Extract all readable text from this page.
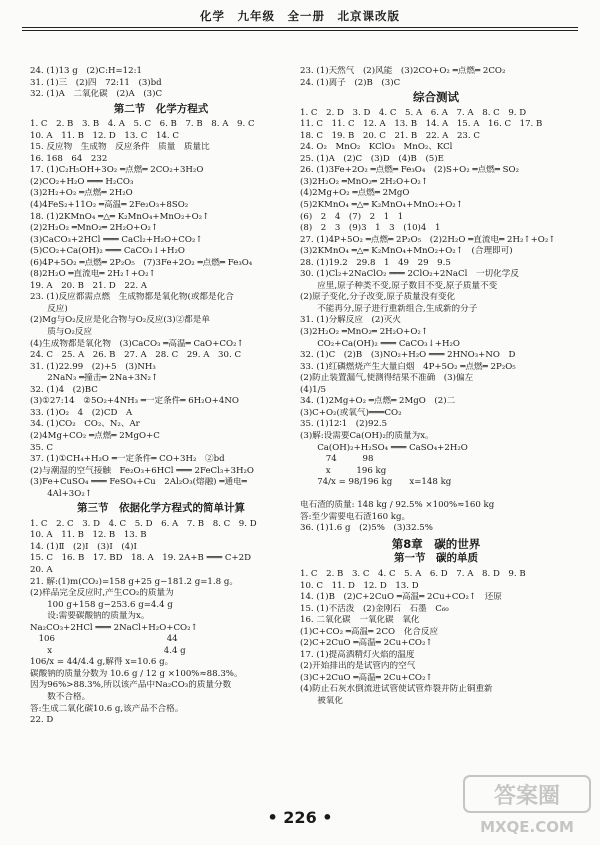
化学　九年级　全一册　北京课改版
24. (1)13 g　(2)C:H=12:1
31. (1)三　(2)四　72:11　(3)bd
32. (1)A　二氧化碳　(2)A　(3)C
第二节　化学方程式
1. C　2. B　3. B　4. A　5. C　6. B　7. B　8. A　9. C
10. A　11. B　12. D　13. C　14. C
15. 反应物　生成物　反应条件　质量　质量比
16. 168　64　232
17. (1)C₂H₅OH+3O₂ ═点燃═ 2CO₂+3H₂O
(2)CO₂+H₂O ═══ H₂CO₃
(3)2H₂+O₂ ═点燃═ 2H₂O
(4)4FeS₂+11O₂ ═高温═ 2Fe₂O₃+8SO₂
18. (1)2KMnO₄ ═△═ K₂MnO₄+MnO₂+O₂↑
(2)2H₂O₂ ═MnO₂═ 2H₂O+O₂↑
(3)CaCO₃+2HCl ═══ CaCl₂+H₂O+CO₂↑
(5)CO₂+Ca(OH)₂ ═══ CaCO₃↓+H₂O
(6)4P+5O₂ ═点燃═ 2P₂O₅　(7)3Fe+2O₂ ═点燃═ Fe₃O₄
(8)2H₂O ═直流电═ 2H₂↑+O₂↑
19. A　20. B　21. D　22. A
23. (1)反应都需点燃　生成物都是氧化物(或都是化合
　　反应)
(2)Mg与O₂反应是化合物与O₂反应(3)②都是单
　　质与O₂反应
(4)生成物都是氧化物　(3)CaCO₃ ═高温═ CaO+CO₂↑
24. C　25. A　26. B　27. A　28. C　29. A　30. C
31. (1)22.99　(2)+5　(3)NH₃
　　2NaN₃ ═撞击═ 2Na+3N₂↑
32. (1)4　(2)BC
(3)①27:14　②5O₂+4NH₃ ═一定条件═ 6H₂O+4NO
33. (1)O₂　4　(2)CD　A
34. (1)CO₂　CO₂、N₂、Ar
(2)4Mg+CO₂ ═点燃═ 2MgO+C
35. C
37. (1)①CH₄+H₂O ═一定条件═ CO+3H₂　②bd
(2)与潮湿的空气接触　Fe₂O₃+6HCl ═══ 2FeCl₃+3H₂O
(3)Fe+CuSO₄ ═══ FeSO₄+Cu　2Al₂O₃(熔融) ═通电═
　　4Al+3O₂↑
第三节　依据化学方程式的简单计算
1. C　2. C　3. D　4. C　5. D　6. A　7. B　8. C　9. D
10. A　11. B　12. B　13. B
14. (1)Ⅱ　(2)Ⅰ　(3)Ⅰ　(4)Ⅰ
15. C　16. B　17. BD　18. A　19. 2A+B ═══ C+2D
20. A
21. 解:(1)m(CO₂)=158 g+25 g−181.2 g=1.8 g。
(2)样品完全反应时,产生CO₂的质量为
　　100 g+158 g−253.6 g=4.4 g
　　设:需要碳酸钠的质量为x。
Na₂CO₃+2HCl ═══ 2NaCl+H₂O+CO₂↑
　106　　　　　　　　　　　　　44
　　x　　　　　　　　　　　　　4.4 g
106/x = 44/4.4 g,解得 x=10.6 g。
碳酸钠的质量分数为 10.6 g / 12 g ×100%≈88.3%。
因为96%>88.3%,所以该产品中Na₂CO₃的质量分数
　　数不合格。
答:生成二氧化碳10.6 g,该产品不合格。
22. D
23. (1)天然气　(2)风能　(3)2CO+O₂ ═点燃═ 2CO₂
24. (1)离子　(2)B　(3)C
综合测试
1. C　2. D　3. D　4. C　5. A　6. A　7. A　8. C　9. D
11. C　11. C　12. A　13. B　14. A　15. A　16. C　17. B
18. C　19. B　20. C　21. B　22. A　23. C
24. O₂　MnO₂　KClO₃　MnO₂、KCl
25. (1)A　(2)C　(3)D　(4)B　(5)E
26. (1)3Fe+2O₂ ═点燃═ Fe₃O₄　(2)S+O₂ ═点燃═ SO₂
(3)2H₂O₂ ═MnO₂═ 2H₂O+O₂↑
(4)2Mg+O₂ ═点燃═ 2MgO
(5)2KMnO₄ ═△═ K₂MnO₄+MnO₂+O₂↑
(6)　2　4　(7)　2　1　1
(8)　2　3　(9)3　1　3　(10)4　1
27. (1)4P+5O₂ ═点燃═ 2P₂O₅　(2)2H₂O ═直流电═ 2H₂↑+O₂↑
(3)2KMnO₄ ═△═ K₂MnO₄+MnO₂+O₂↑　(合理即可)
28. (1)19.2　29.8　1　49　29　9.5
30. (1)Cl₂+2NaClO₂ ═══ 2ClO₂+2NaCl　一切化学反
　　应里,原子种类不变,原子数目不变,原子质量不变
(2)原子变化,分子改变,原子质量没有变化
　　不能再分,原子进行重新组合,生成新的分子
31. (1)分解反应　(2)灭火
(3)2H₂O₂ ═MnO₂═ 2H₂O+O₂↑
　　CO₂+Ca(OH)₂ ═══ CaCO₃↓+H₂O
32. (1)C　(2)B　(3)NO₂+H₂O ═══ 2HNO₃+NO　D
33. (1)红磷燃烧产生大量白烟　4P+5O₂ ═点燃═ 2P₂O₅
(2)防止装置漏气,使测得结果不准确　(3)偏左
(4)1/5
34. (1)2Mg+O₂ ═点燃═ 2MgO　(2)二
(3)C+O₂(或氧气)═══CO₂
35. (1)12∶1　(2)92.5
(3)解:设需要Ca(OH)₂的质量为x。
　　Ca(OH)₂+H₂SO₄ ═══ CaSO₄+2H₂O
　　　74　　　98
　　　x　　　196 kg
　　74/x = 98/196 kg　　x=148 kg
电石渣的质量: 148 kg / 92.5% ×100%≈160 kg
答:至少需要电石渣160 kg。
36. (1)1.6 g　(2)5%　(3)32.5%
第8章　碳的世界
第一节　碳的单质
1. C　2. B　3. C　4. C　5. A　6. D　7. A　8. D　9. B
10. C　11. D　12. D　13. D
14. (1)B　(2)C+2CuO ═高温═ 2Cu+CO₂↑　还原
15. (1)不活泼　(2)金刚石　石墨　C₆₀
16. 二氧化碳　一氧化碳　氧化
(1)C+CO₂ ═高温═ 2CO　化合反应
(2)C+2CuO ═高温═ 2Cu+CO₂↑
17. (1)提高酒精灯火焰的温度
(2)开始排出的是试管内的空气
(3)C+2CuO ═高温═ 2Cu+CO₂↑
(4)防止石灰水倒流进试管使试管炸裂并防止铜重新
　　被氧化
• 226 •
答案圈
MXQE.COM
